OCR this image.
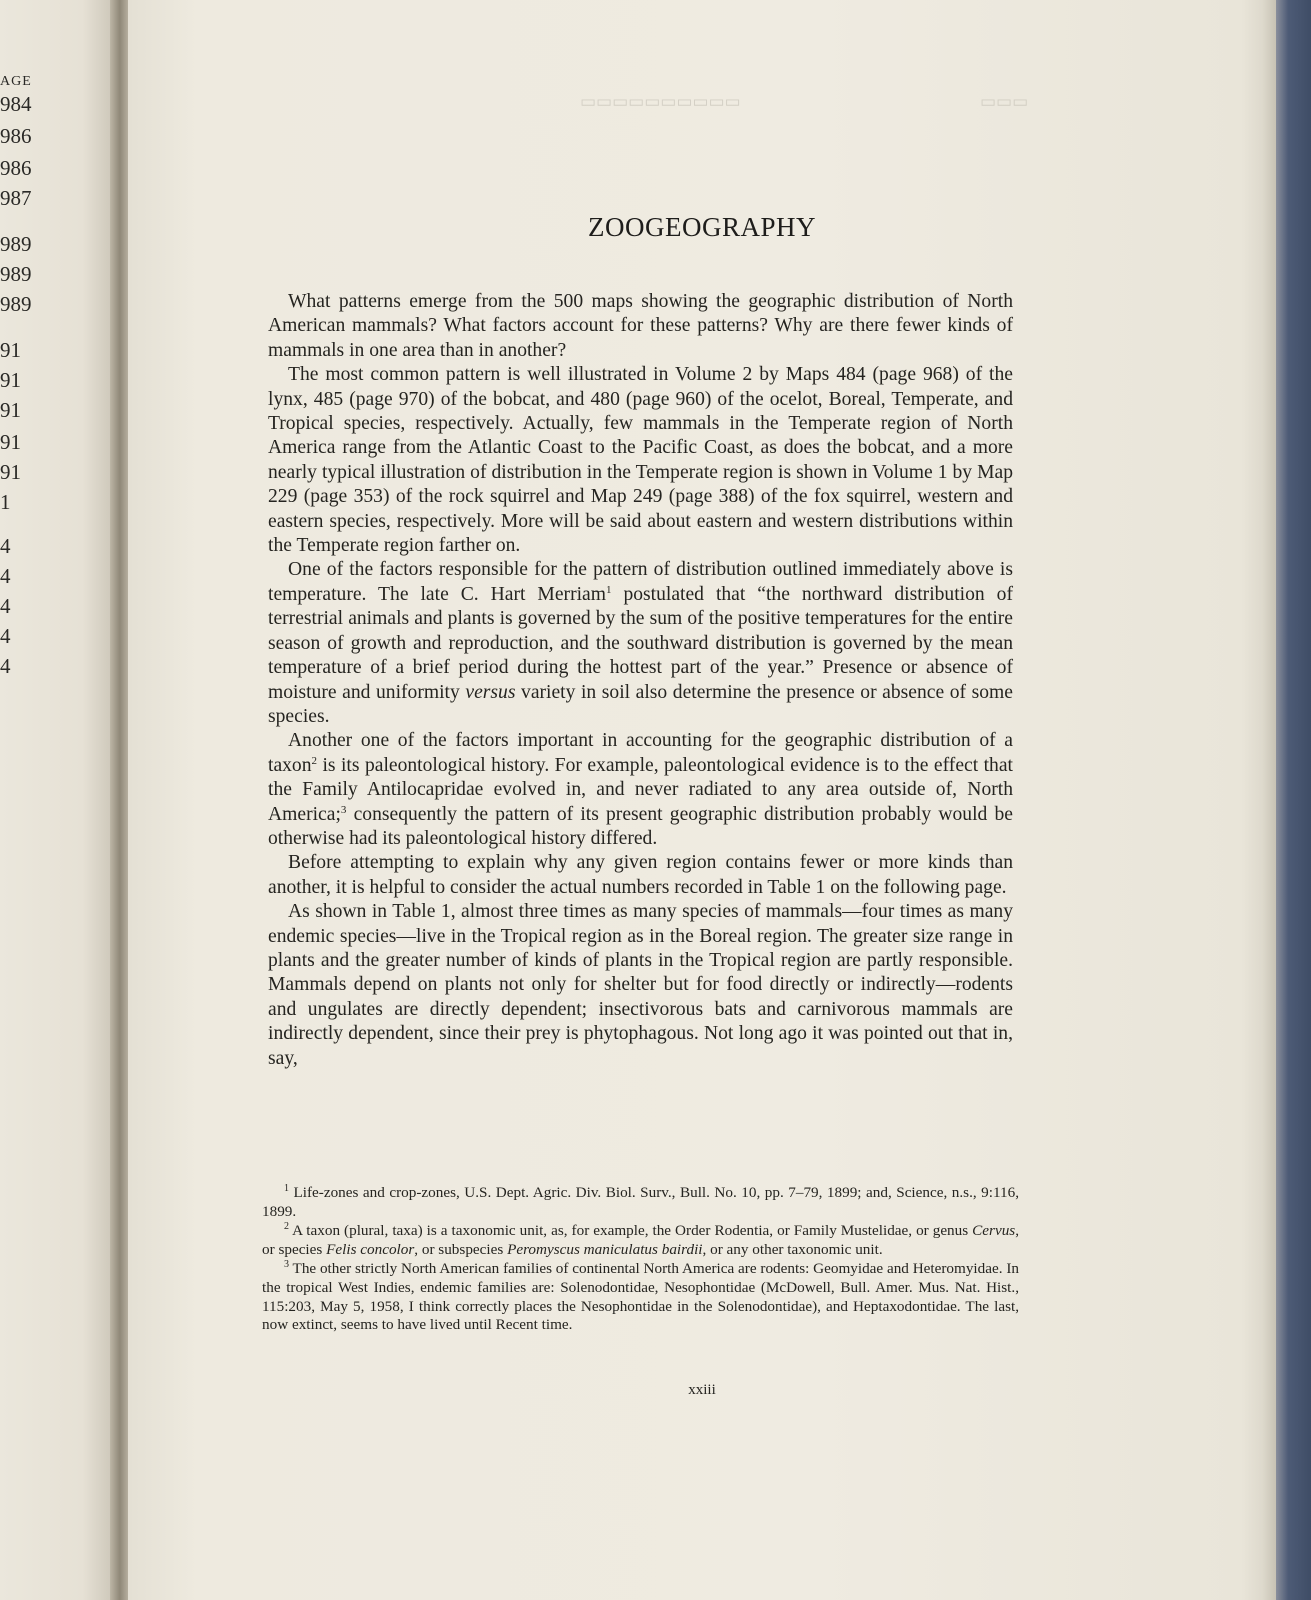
AGE
984
986
986
987
989
989
989
91
91
91
91
91
1
4
4
4
4
4
▭▭▭▭▭▭▭▭▭▭	▭▭▭
ZOOGEOGRAPHY

What patterns emerge from the 500 maps showing the geographic distribution of North American mammals? What factors account for these patterns? Why are there fewer kinds of mammals in one area than in another?

The most common pattern is well illustrated in Volume 2 by Maps 484 (page 968) of the lynx, 485 (page 970) of the bobcat, and 480 (page 960) of the ocelot, Boreal, Temperate, and Tropical species, respectively. Actually, few mammals in the Temperate region of North America range from the Atlantic Coast to the Pacific Coast, as does the bobcat, and a more nearly typical illustration of distribution in the Temperate region is shown in Volume 1 by Map 229 (page 353) of the rock squirrel and Map 249 (page 388) of the fox squirrel, western and eastern species, respectively. More will be said about eastern and western distributions within the Temperate region farther on.

One of the factors responsible for the pattern of distribution outlined immediately above is temperature. The late C. Hart Merriam$^1$ postulated that “the northward distribution of terrestrial animals and plants is governed by the sum of the positive temperatures for the entire season of growth and reproduction, and the southward distribution is governed by the mean temperature of a brief period during the hottest part of the year.” Presence or absence of moisture and uniformity versus variety in soil also determine the presence or absence of some species.

Another one of the factors important in accounting for the geographic distribution of a taxon$^2$ is its paleontological history. For example, paleontological evidence is to the effect that the Family Antilocapridae evolved in, and never radiated to any area outside of, North America;$^3$ consequently the pattern of its present geographic distribution probably would be otherwise had its paleontological history differed.

Before attempting to explain why any given region contains fewer or more kinds than another, it is helpful to consider the actual numbers recorded in Table 1 on the following page.

As shown in Table 1, almost three times as many species of mammals—four times as many endemic species—live in the Tropical region as in the Boreal region. The greater size range in plants and the greater number of kinds of plants in the Tropical region are partly responsible. Mammals depend on plants not only for shelter but for food directly or indirectly—rodents and ungulates are directly dependent; insectivorous bats and carnivorous mammals are indirectly dependent, since their prey is phytophagous. Not long ago it was pointed out that in, say,

$^1$ Life-zones and crop-zones, U.S. Dept. Agric. Div. Biol. Surv., Bull. No. 10, pp. 7–79, 1899; and, Science, n.s., 9:116, 1899.

$^2$ A taxon (plural, taxa) is a taxonomic unit, as, for example, the Order Rodentia, or Family Mustelidae, or genus Cervus, or species Felis concolor, or subspecies Peromyscus maniculatus bairdii, or any other taxonomic unit.

$^3$ The other strictly North American families of continental North America are rodents: Geomyidae and Heteromyidae. In the tropical West Indies, endemic families are: Solenodontidae, Nesophontidae (McDowell, Bull. Amer. Mus. Nat. Hist., 115:203, May 5, 1958, I think correctly places the Nesophontidae in the Solenodontidae), and Heptaxodontidae. The last, now extinct, seems to have lived until Recent time.

xxiii
